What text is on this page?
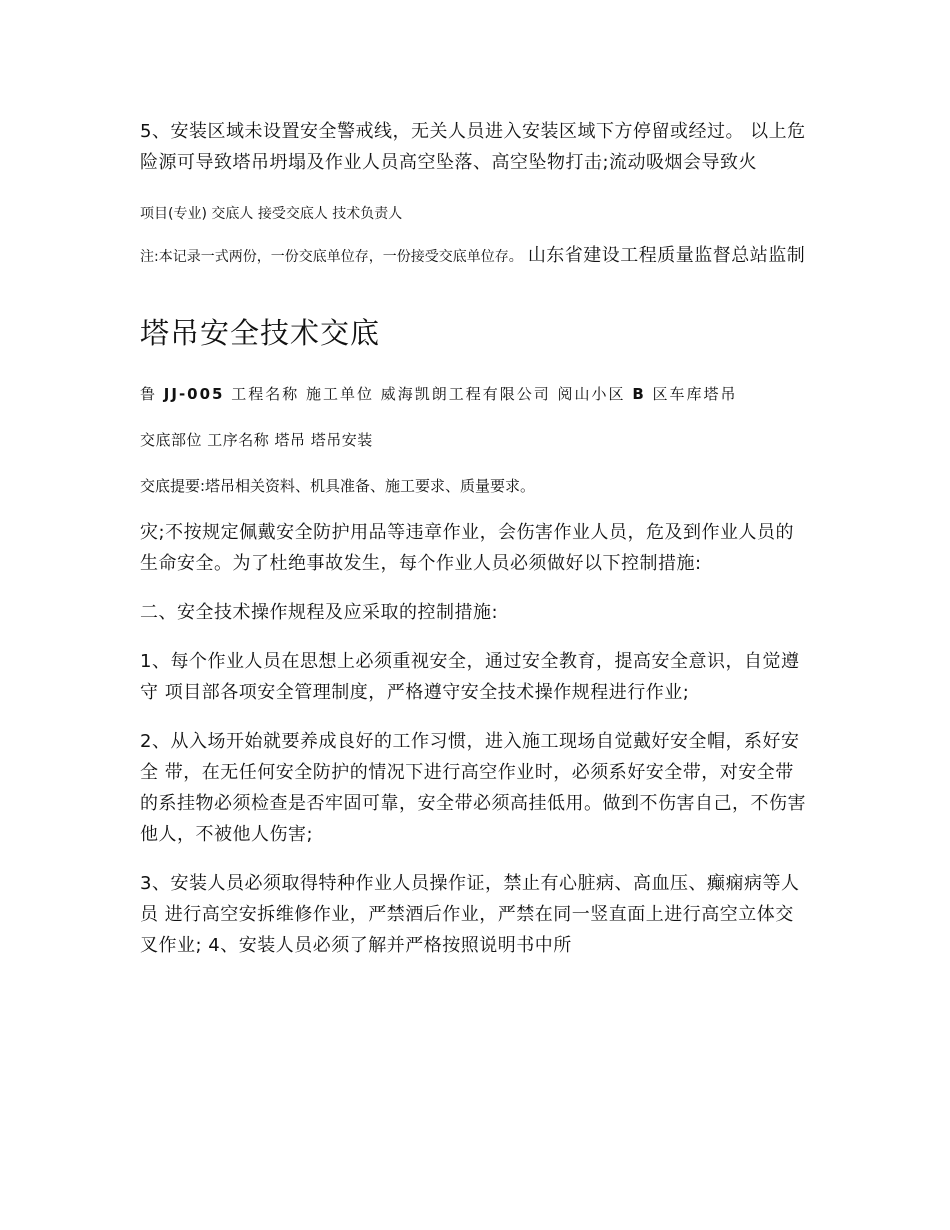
5、安装区域未设置安全警戒线，无关人员进入安装区域下方停留或经过。 以上危险源可导致塔吊坍塌及作业人员高空坠落、高空坠物打击;流动吸烟会导致火

项目(专业) 交底人 接受交底人 技术负责人

注:本记录一式两份，一份交底单位存，一份接受交底单位存。 山东省建设工程质量监督总站监制

塔吊安全技术交底

鲁 JJ-005 工程名称 施工单位 威海凯朗工程有限公司 阅山小区 B 区车库塔吊

交底部位 工序名称 塔吊 塔吊安装

交底提要:塔吊相关资料、机具准备、施工要求、质量要求。

灾;不按规定佩戴安全防护用品等违章作业，会伤害作业人员，危及到作业人员的生命安全。为了杜绝事故发生，每个作业人员必须做好以下控制措施:

二、安全技术操作规程及应采取的控制措施:

1、每个作业人员在思想上必须重视安全，通过安全教育，提高安全意识，自觉遵守 项目部各项安全管理制度，严格遵守安全技术操作规程进行作业;

2、从入场开始就要养成良好的工作习惯，进入施工现场自觉戴好安全帽，系好安全 带，在无任何安全防护的情况下进行高空作业时，必须系好安全带，对安全带的系挂物必须检查是否牢固可靠，安全带必须高挂低用。做到不伤害自己，不伤害他人，不被他人伤害;

3、安装人员必须取得特种作业人员操作证，禁止有心脏病、高血压、癫痫病等人员 进行高空安拆维修作业，严禁酒后作业，严禁在同一竖直面上进行高空立体交叉作业; 4、安装人员必须了解并严格按照说明书中所
